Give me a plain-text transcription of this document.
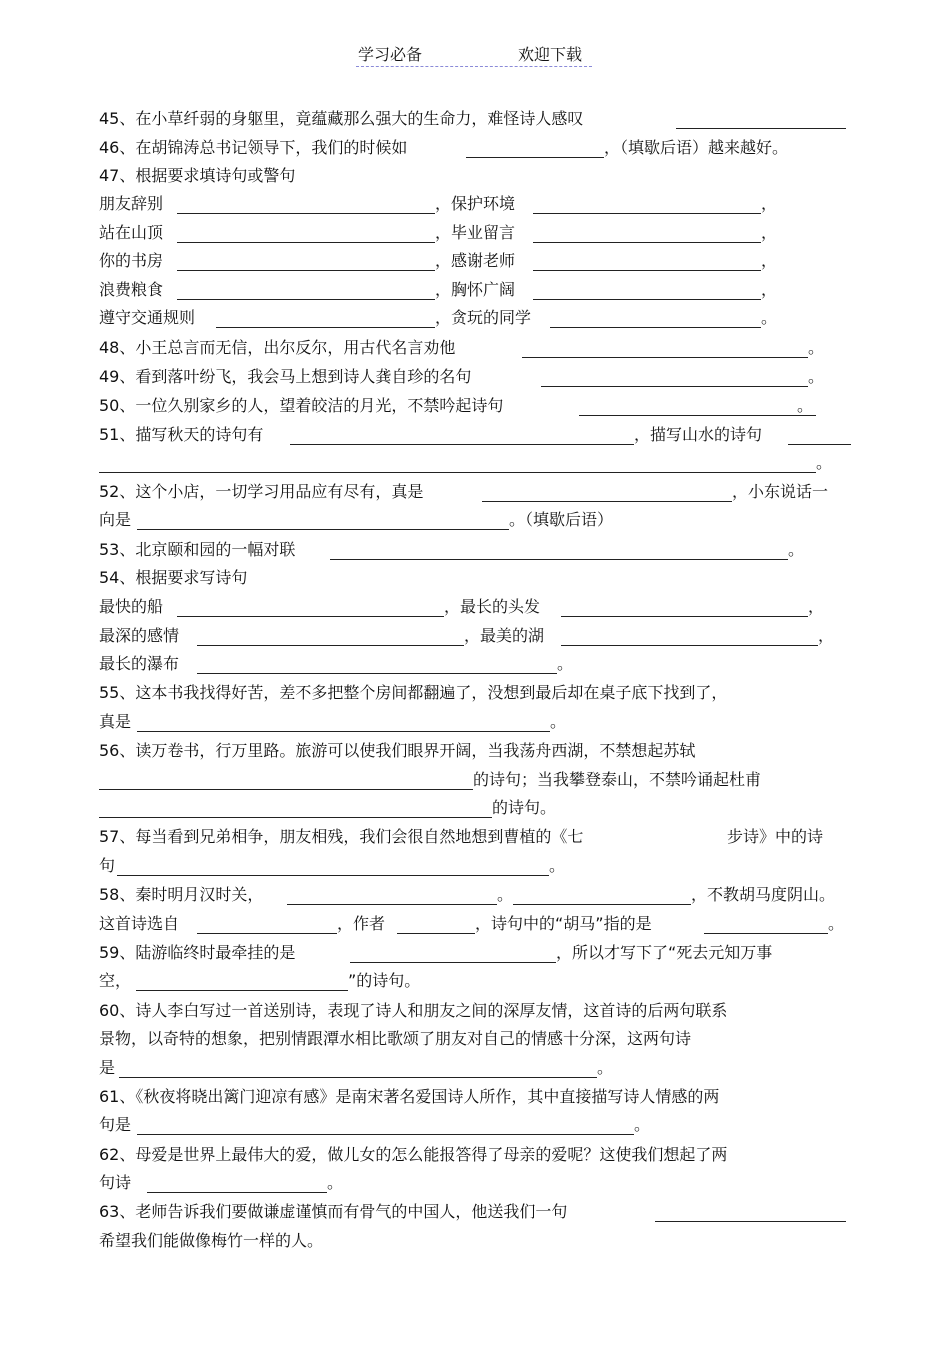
学习必备	欢迎下载
45、在小草纤弱的身躯里，竟蕴藏那么强大的生命力，难怪诗人感叹
46、在胡锦涛总书记领导下，我们的时候如	，（填歇后语）越来越好。
47、根据要求填诗句或警句
朋友辞别	，保护环境	，
站在山顶	，毕业留言	，
你的书房	，感谢老师	，
浪费粮食	，胸怀广阔	，
遵守交通规则	，贪玩的同学	。
48、小王总言而无信，出尔反尔，用古代名言劝他	。
49、看到落叶纷飞，我会马上想到诗人龚自珍的名句	。
50、一位久别家乡的人，望着皎洁的月光，不禁吟起诗句	。
51、描写秋天的诗句有	，描写山水的诗句
。
52、这个小店，一切学习用品应有尽有，真是	，小东说话一
向是	。（填歇后语）
53、北京颐和园的一幅对联	。
54、根据要求写诗句
最快的船	，最长的头发	，
最深的感情	，最美的湖	，
最长的瀑布	。
55、这本书我找得好苦，差不多把整个房间都翻遍了，没想到最后却在桌子底下找到了，
真是	。
56、读万卷书，行万里路。旅游可以使我们眼界开阔，当我荡舟西湖，不禁想起苏轼
的诗句；当我攀登泰山，不禁吟诵起杜甫
的诗句。
57、每当看到兄弟相争，朋友相残，我们会很自然地想到曹植的《七	步诗》中的诗
句	。
58、秦时明月汉时关，	。	，不教胡马度阴山。
这首诗选自	，作者	，诗句中的“胡马”指的是	。
59、陆游临终时最牵挂的是	，所以才写下了“死去元知万事
空，	”的诗句。
60、诗人李白写过一首送别诗，表现了诗人和朋友之间的深厚友情，这首诗的后两句联系
景物，以奇特的想象，把别情跟潭水相比歌颂了朋友对自己的情感十分深，这两句诗
是	。
61、《秋夜将晓出篱门迎凉有感》是南宋著名爱国诗人所作，其中直接描写诗人情感的两
句是	。
62、母爱是世界上最伟大的爱，做儿女的怎么能报答得了母亲的爱呢？这使我们想起了两
句诗	。
63、老师告诉我们要做谦虚谨慎而有骨气的中国人，他送我们一句
希望我们能做像梅竹一样的人。
